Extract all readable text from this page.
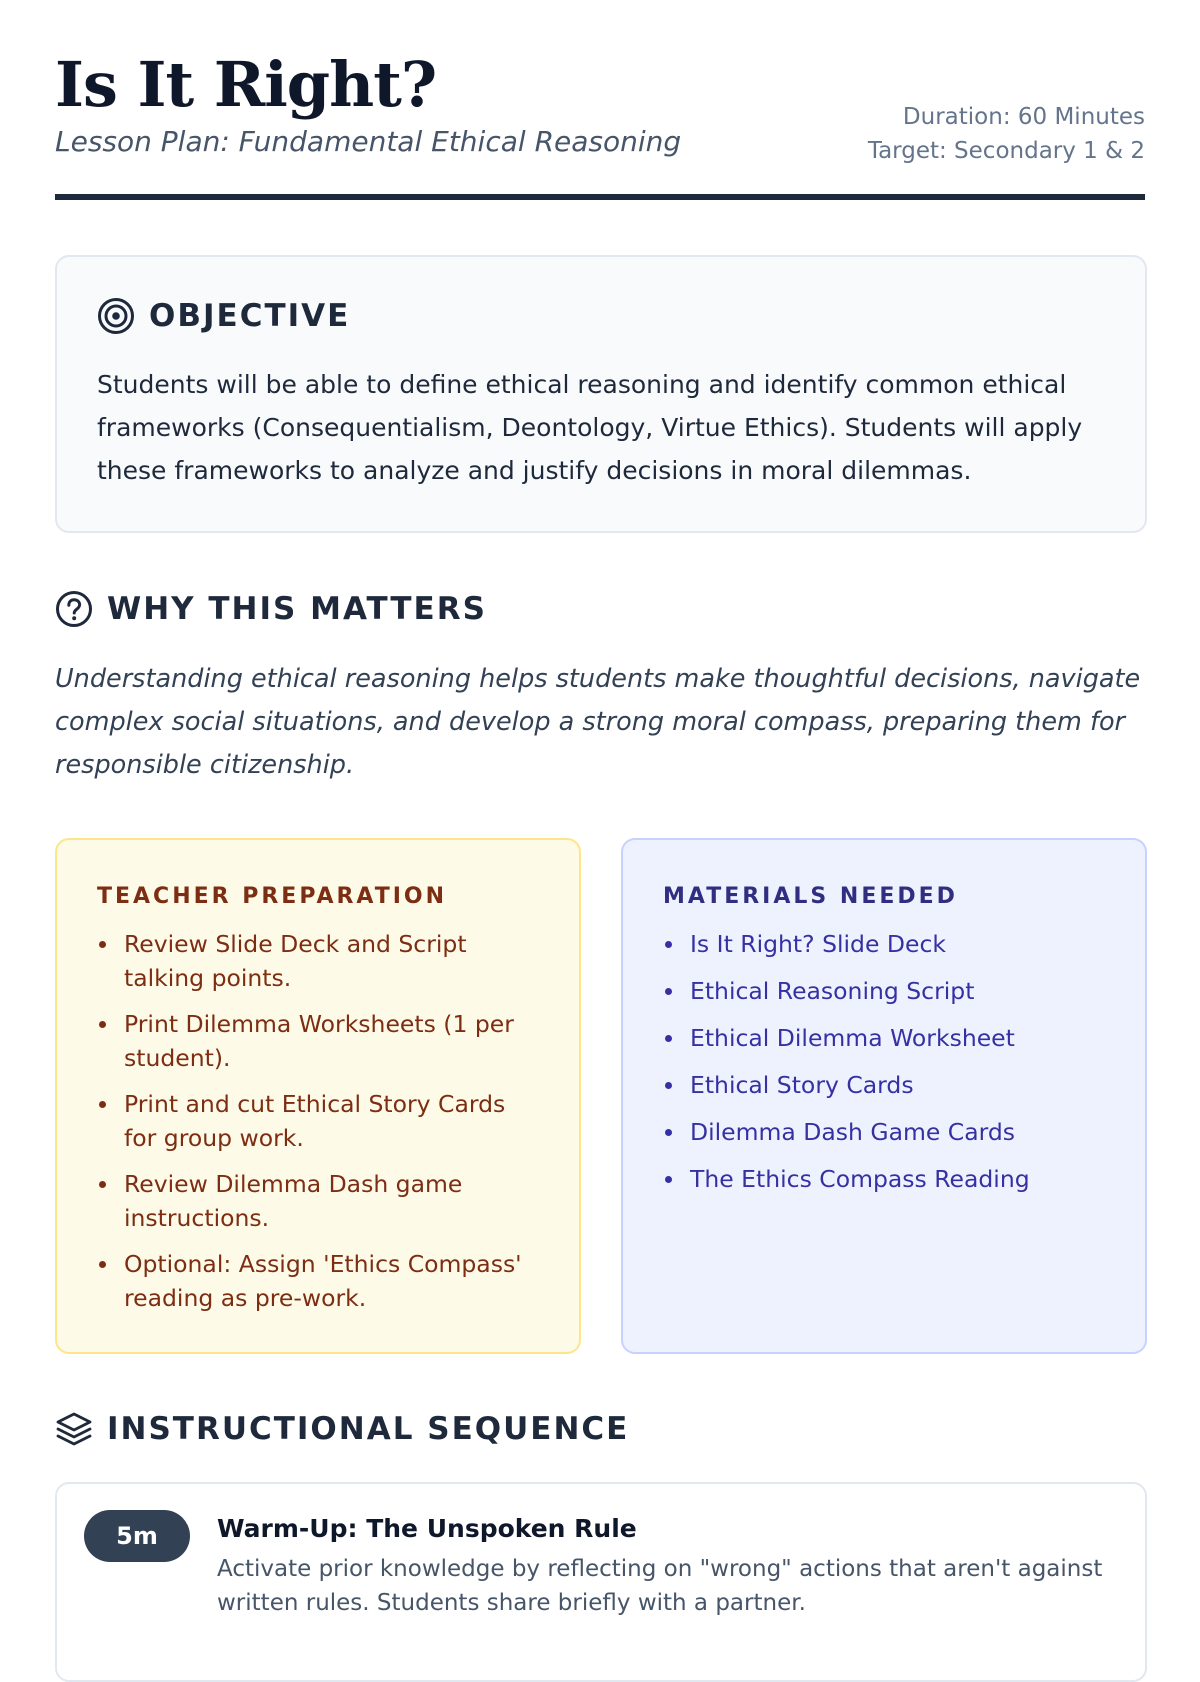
Is It Right?
Lesson Plan: Fundamental Ethical Reasoning
Duration: 60 Minutes
Target: Secondary 1 & 2
OBJECTIVE

Students will be able to define ethical reasoning and identify common ethical frameworks (Consequentialism, Deontology, Virtue Ethics). Students will apply these frameworks to analyze and justify decisions in moral dilemmas.

WHY THIS MATTERS

Understanding ethical reasoning helps students make thoughtful decisions, navigate complex social situations, and develop a strong moral compass, preparing them for responsible citizenship.

TEACHER PREPARATION
Review Slide Deck and Script talking points.
Print Dilemma Worksheets (1 per student).
Print and cut Ethical Story Cards for group work.
Review Dilemma Dash game instructions.
Optional: Assign 'Ethics Compass' reading as pre-work.
MATERIALS NEEDED
Is It Right? Slide Deck
Ethical Reasoning Script
Ethical Dilemma Worksheet
Ethical Story Cards
Dilemma Dash Game Cards
The Ethics Compass Reading
INSTRUCTIONAL SEQUENCE
5m	Warm-Up: The Unspoken Rule
Activate prior knowledge by reflecting on "wrong" actions that aren't against written rules. Students share briefly with a partner.
